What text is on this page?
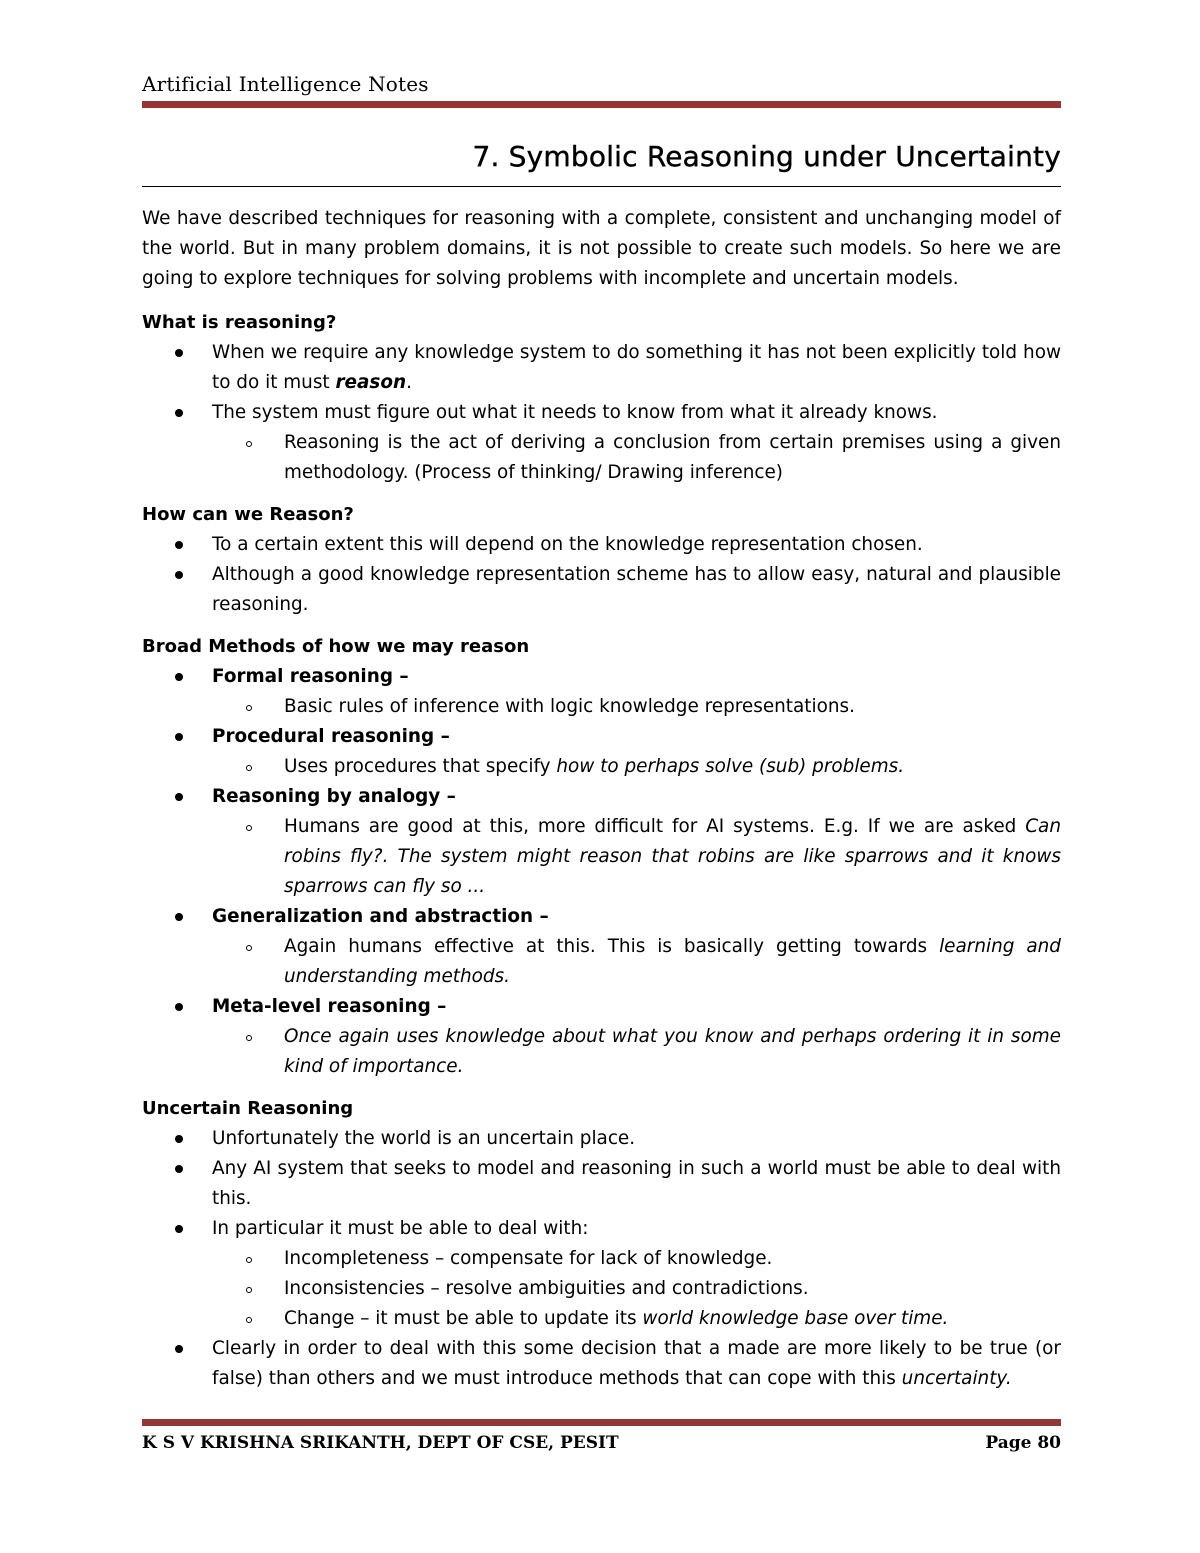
Artificial Intelligence Notes
7. Symbolic Reasoning under Uncertainty

We have described techniques for reasoning with a complete, consistent and unchanging model of the world. But in many problem domains, it is not possible to create such models. So here we are going to explore techniques for solving problems with incomplete and uncertain models.

What is reasoning?
When we require any knowledge system to do something it has not been explicitly told how to do it must reason.
The system must figure out what it needs to know from what it already knows.
Reasoning is the act of deriving a conclusion from certain premises using a given methodology. (Process of thinking/ Drawing inference)
How can we Reason?
To a certain extent this will depend on the knowledge representation chosen.
Although a good knowledge representation scheme has to allow easy, natural and plausible reasoning.
Broad Methods of how we may reason
Formal reasoning –
Basic rules of inference with logic knowledge representations.
Procedural reasoning –
Uses procedures that specify how to perhaps solve (sub) problems.
Reasoning by analogy –
Humans are good at this, more difficult for AI systems. E.g. If we are asked Can robins fly?. The system might reason that robins are like sparrows and it knows sparrows can fly so ...
Generalization and abstraction –
Again humans effective at this. This is basically getting towards learning and understanding methods.
Meta-level reasoning –
Once again uses knowledge about what you know and perhaps ordering it in some kind of importance.
Uncertain Reasoning
Unfortunately the world is an uncertain place.
Any AI system that seeks to model and reasoning in such a world must be able to deal with this.
In particular it must be able to deal with:
Incompleteness – compensate for lack of knowledge.
Inconsistencies – resolve ambiguities and contradictions.
Change – it must be able to update its world knowledge base over time.
Clearly in order to deal with this some decision that a made are more likely to be true (or false) than others and we must introduce methods that can cope with this uncertainty.
K S V KRISHNA SRIKANTH, DEPT OF CSE, PESIT	Page 80
